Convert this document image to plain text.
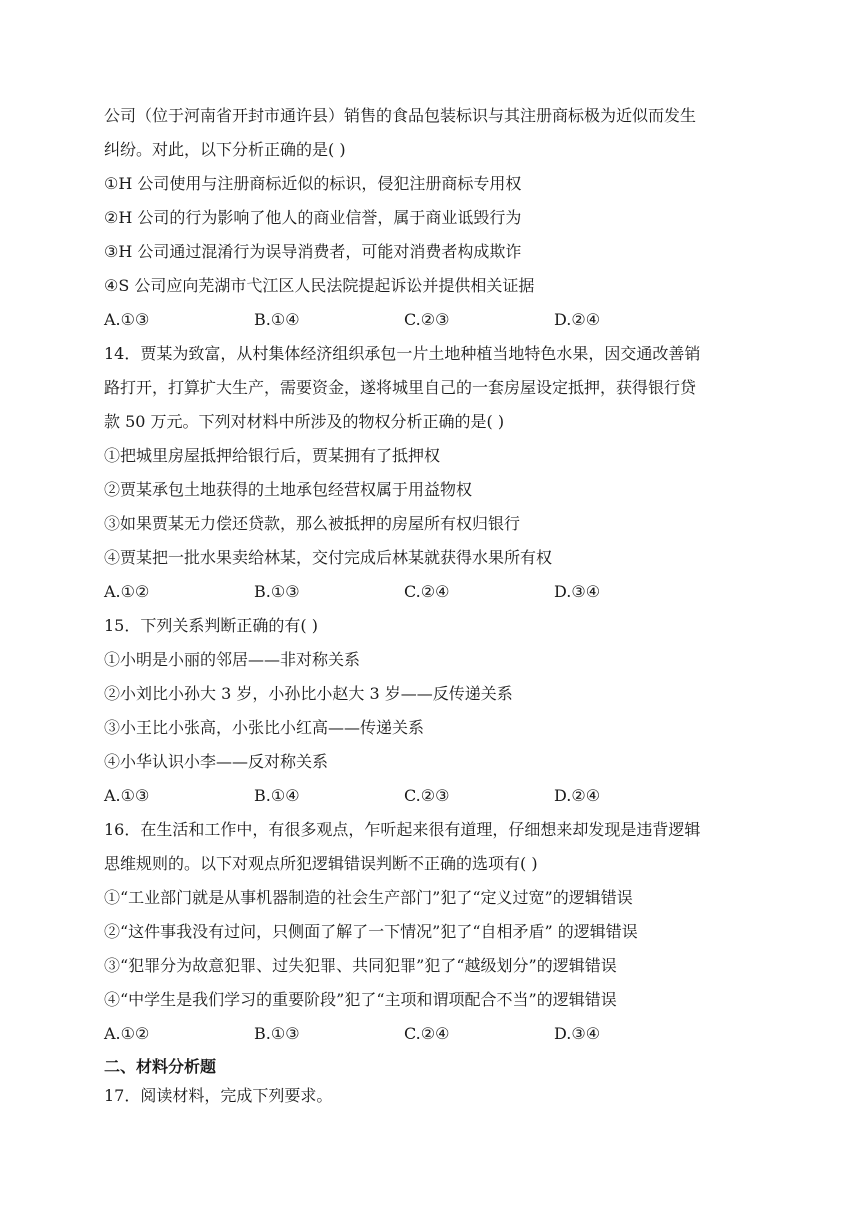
公司（位于河南省开封市通许县）销售的食品包装标识与其注册商标极为近似而发生
纠纷。对此，以下分析正确的是( )
①H 公司使用与注册商标近似的标识，侵犯注册商标专用权
②H 公司的行为影响了他人的商业信誉，属于商业诋毁行为
③H 公司通过混淆行为误导消费者，可能对消费者构成欺诈
④S 公司应向芜湖市弋江区人民法院提起诉讼并提供相关证据
A.①③	B.①④	C.②③	D.②④
14．贾某为致富，从村集体经济组织承包一片土地种植当地特色水果，因交通改善销
路打开，打算扩大生产，需要资金，遂将城里自己的一套房屋设定抵押，获得银行贷
款 50 万元。下列对材料中所涉及的物权分析正确的是( )
①把城里房屋抵押给银行后，贾某拥有了抵押权
②贾某承包土地获得的土地承包经营权属于用益物权
③如果贾某无力偿还贷款，那么被抵押的房屋所有权归银行
④贾某把一批水果卖给林某，交付完成后林某就获得水果所有权
A.①②	B.①③	C.②④	D.③④
15．下列关系判断正确的有( )
①小明是小丽的邻居——非对称关系
②小刘比小孙大 3 岁，小孙比小赵大 3 岁——反传递关系
③小王比小张高，小张比小红高——传递关系
④小华认识小李——反对称关系
A.①③	B.①④	C.②③	D.②④
16．在生活和工作中，有很多观点，乍听起来很有道理，仔细想来却发现是违背逻辑
思维规则的。以下对观点所犯逻辑错误判断不正确的选项有( )
①“工业部门就是从事机器制造的社会生产部门”犯了“定义过宽”的逻辑错误
②“这件事我没有过问，只侧面了解了一下情况”犯了“自相矛盾” 的逻辑错误
③“犯罪分为故意犯罪、过失犯罪、共同犯罪”犯了“越级划分”的逻辑错误
④“中学生是我们学习的重要阶段”犯了“主项和谓项配合不当”的逻辑错误
A.①②	B.①③	C.②④	D.③④
二、材料分析题
17．阅读材料，完成下列要求。
